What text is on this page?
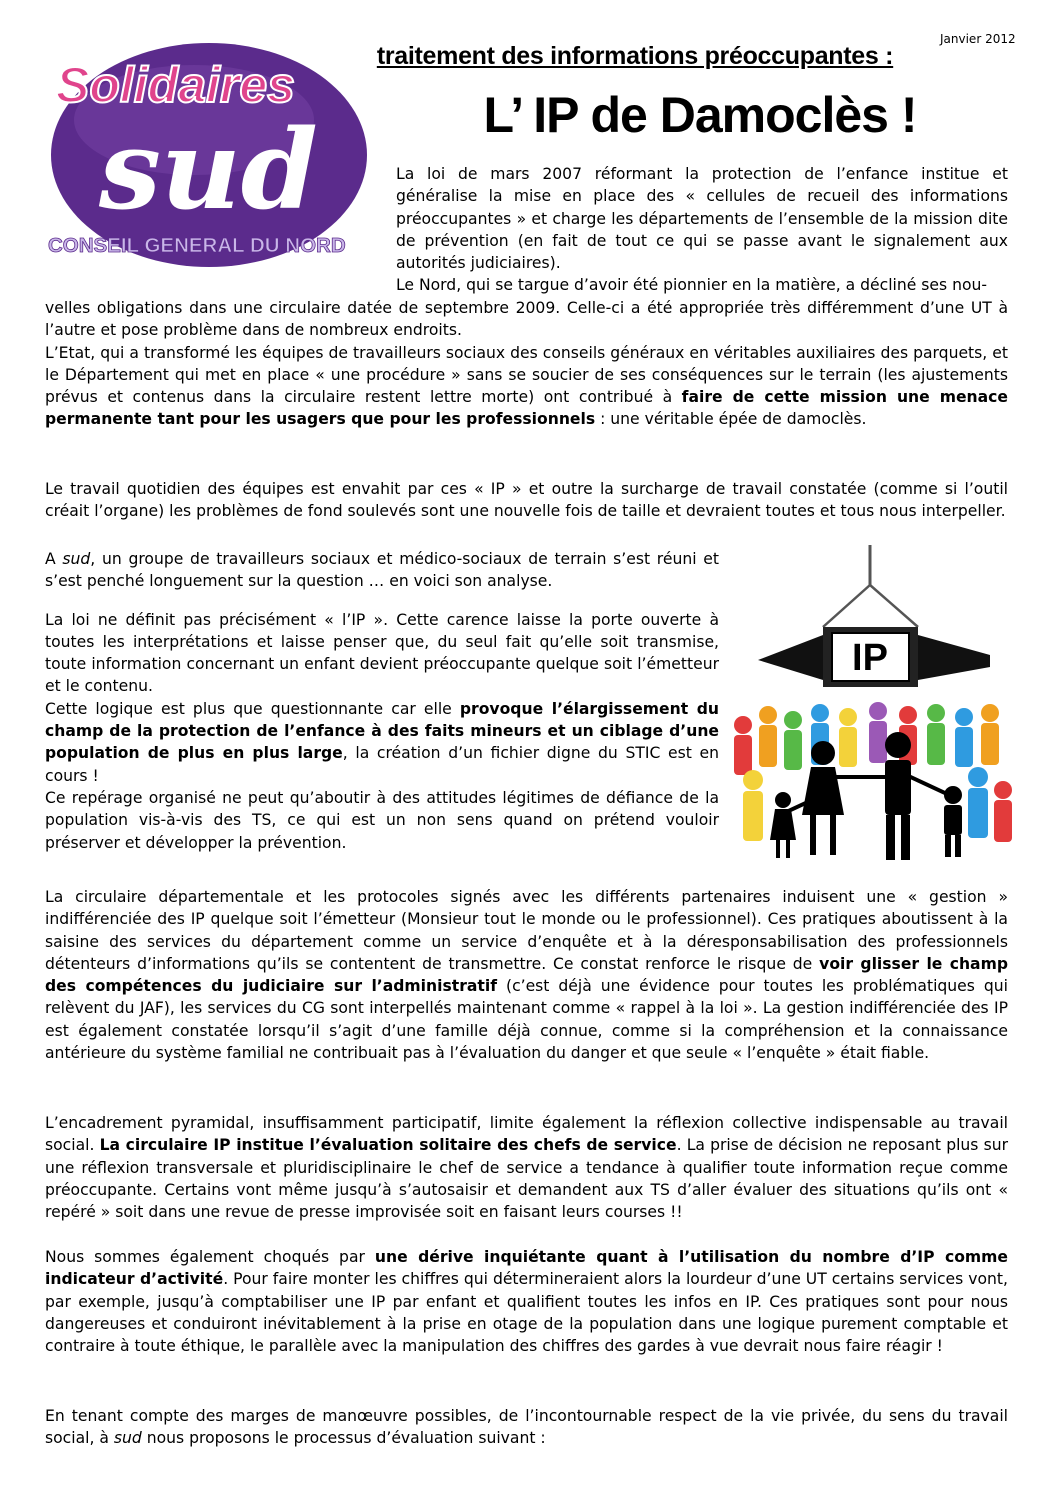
Janvier 2012
Solidaires
sud
CONSEIL GENERAL DU NORD
traitement des informations préoccupantes :
L’ IP de Damoclès !

La loi de mars 2007 réformant la protection de l’enfance institue et généralise la mise en place des « cellules de recueil des informations préoccupantes » et charge les départements de l’ensemble de la mission dite de prévention (en fait de tout ce qui se passe avant le signalement aux autorités judiciaires).

Le Nord, qui se targue d’avoir été pionnier en la matière, a décliné ses nou-

velles obligations dans une circulaire datée de septembre 2009. Celle-ci a été appropriée très différemment d’une UT à l’autre et pose problème dans de nombreux endroits.

L’Etat, qui a transformé les équipes de travailleurs sociaux des conseils généraux en véritables auxiliaires des parquets, et le Département qui met en place « une procédure » sans se soucier de ses conséquences sur le terrain (les ajustements prévus et contenus dans la circulaire restent lettre morte) ont contribué à faire de cette mission une menace permanente tant pour les usagers que pour les professionnels : une véritable épée de damoclès.

Le travail quotidien des équipes est envahit par ces « IP » et outre la surcharge de travail constatée (comme si l’outil créait l’organe) les problèmes de fond soulevés sont une nouvelle fois de taille et devraient toutes et tous nous interpeller.

A sud, un groupe de travailleurs sociaux et médico-sociaux de terrain s’est réuni et s’est penché longuement sur la question … en voici son analyse.

La loi ne définit pas précisément « l’IP ». Cette carence laisse la porte ouverte à toutes les interprétations et laisse penser que, du seul fait qu’elle soit transmise, toute information concernant un enfant devient préoccupante quelque soit l’émetteur et le contenu.

Cette logique est plus que questionnante car elle provoque l’élargissement du champ de la protection de l’enfance à des faits mineurs et un ciblage d’une population de plus en plus large, la création d’un fichier digne du STIC est en cours !

Ce repérage organisé ne peut qu’aboutir à des attitudes légitimes de défiance de la population vis-à-vis des TS, ce qui est un non sens quand on prétend vouloir préserver et développer la prévention.

IP

La circulaire départementale et les protocoles signés avec les différents partenaires induisent une « gestion » indifférenciée des IP quelque soit l’émetteur (Monsieur tout le monde ou le professionnel). Ces pratiques aboutissent à la saisine des services du département comme un service d’enquête et à la déresponsabilisation des professionnels détenteurs d’informations qu’ils se contentent de transmettre. Ce constat renforce le risque de voir glisser le champ des compétences du judiciaire sur l’administratif (c’est déjà une évidence pour toutes les problématiques qui relèvent du JAF), les services du CG sont interpellés maintenant comme « rappel à la loi ». La gestion indifférenciée des IP est également constatée lorsqu’il s’agit d’une famille déjà connue, comme si la compréhension et la connaissance antérieure du système familial ne contribuait pas à l’évaluation du danger et que seule « l’enquête » était fiable.

L’encadrement pyramidal, insuffisamment participatif, limite également la réflexion collective indispensable au travail social. La circulaire IP institue l’évaluation solitaire des chefs de service. La prise de décision ne reposant plus sur une réflexion transversale et pluridisciplinaire le chef de service a tendance à qualifier toute information reçue comme préoccupante. Certains vont même jusqu’à s’autosaisir et demandent aux TS d’aller évaluer des situations qu’ils ont « repéré » soit dans une revue de presse improvisée soit en faisant leurs courses !!

Nous sommes également choqués par une dérive inquiétante quant à l’utilisation du nombre d’IP comme indicateur d’activité. Pour faire monter les chiffres qui détermineraient alors la lourdeur d’une UT certains services vont, par exemple, jusqu’à comptabiliser une IP par enfant et qualifient toutes les infos en IP. Ces pratiques sont pour nous dangereuses et conduiront inévitablement à la prise en otage de la population dans une logique purement comptable et contraire à toute éthique, le parallèle avec la manipulation des chiffres des gardes à vue devrait nous faire réagir !

En tenant compte des marges de manœuvre possibles, de l’incontournable respect de la vie privée, du sens du travail social, à sud nous proposons le processus d’évaluation suivant :
